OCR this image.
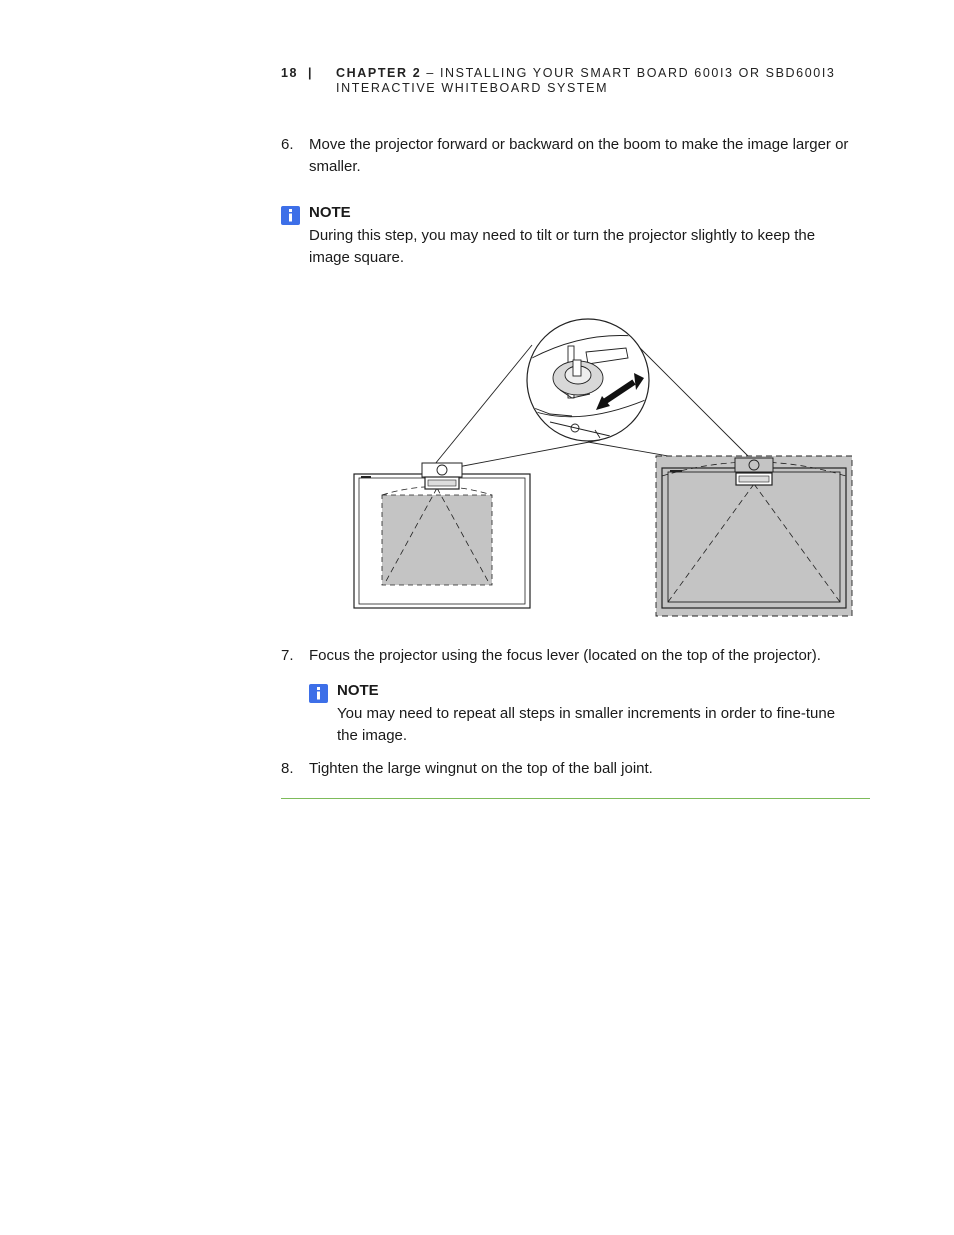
18 | CHAPTER 2 – INSTALLING YOUR SMART BOARD 600I3 OR SBD600I3 INTERACTIVE WHITEBOARD SYSTEM
6. Move the projector forward or backward on the boom to make the image larger or smaller.
NOTE
During this step, you may need to tilt or turn the projector slightly to keep the image square.
7. Focus the projector using the focus lever (located on the top of the projector).
NOTE
You may need to repeat all steps in smaller increments in order to fine-tune the image.
8. Tighten the large wingnut on the top of the ball joint.
